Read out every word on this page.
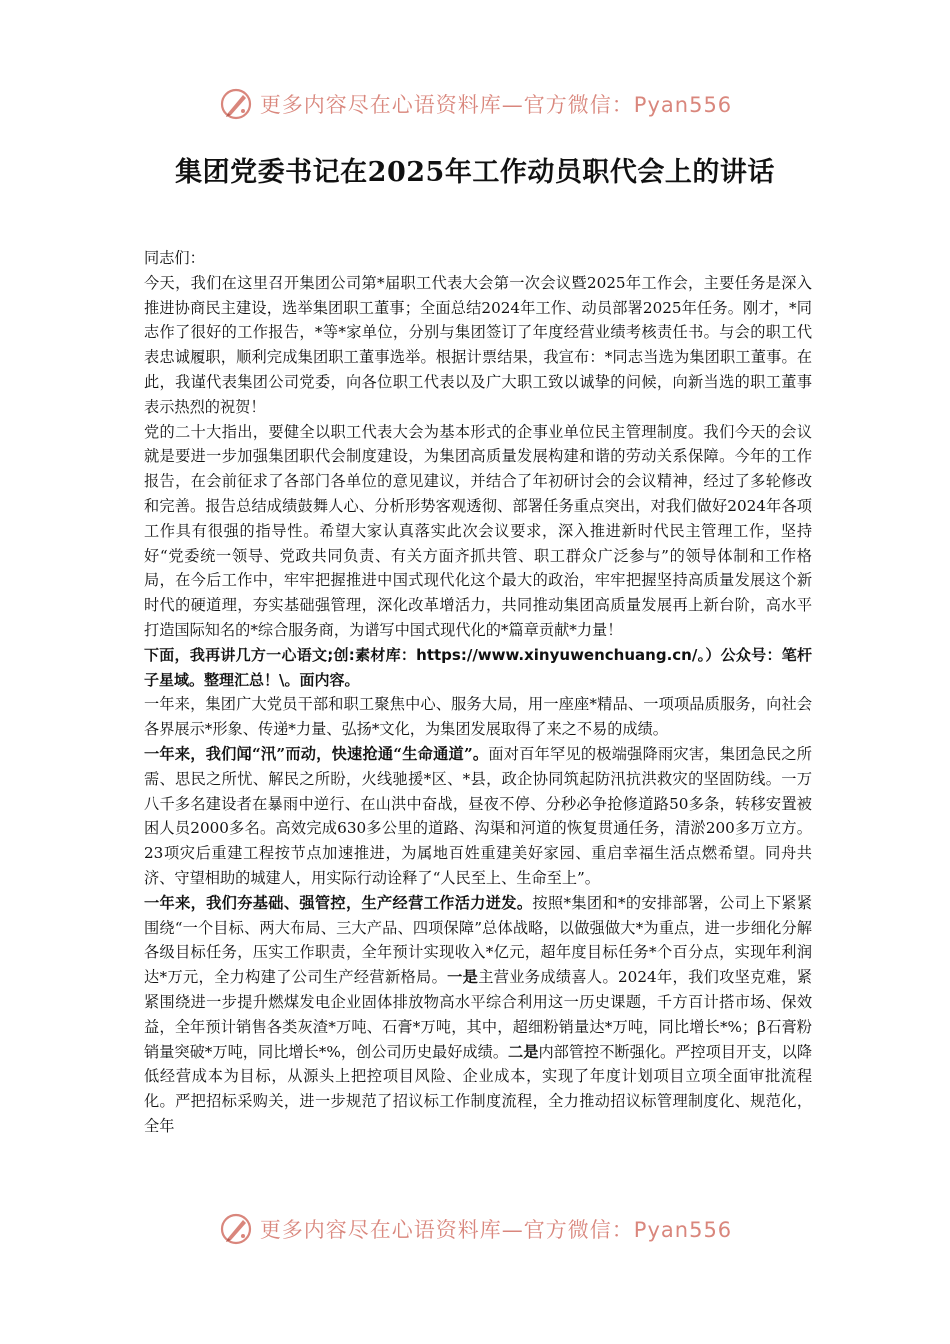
更多内容尽在心语资料库—官方微信：Pyan556
集团党委书记在2025年工作动员职代会上的讲话

同志们：

今天，我们在这里召开集团公司第*届职工代表大会第一次会议暨2025年工作会，主要任务是深入推进协商民主建设，选举集团职工董事；全面总结2024年工作、动员部署2025年任务。刚才，*同志作了很好的工作报告，*等*家单位，分别与集团签订了年度经营业绩考核责任书。与会的职工代表忠诚履职，顺利完成集团职工董事选举。根据计票结果，我宣布：*同志当选为集团职工董事。在此，我谨代表集团公司党委，向各位职工代表以及广大职工致以诚挚的问候，向新当选的职工董事表示热烈的祝贺！

党的二十大指出，要健全以职工代表大会为基本形式的企事业单位民主管理制度。我们今天的会议就是要进一步加强集团职代会制度建设，为集团高质量发展构建和谐的劳动关系保障。今年的工作报告，在会前征求了各部门各单位的意见建议，并结合了年初研讨会的会议精神，经过了多轮修改和完善。报告总结成绩鼓舞人心、分析形势客观透彻、部署任务重点突出，对我们做好2024年各项工作具有很强的指导性。希望大家认真落实此次会议要求，深入推进新时代民主管理工作，坚持好“党委统一领导、党政共同负责、有关方面齐抓共管、职工群众广泛参与”的领导体制和工作格局，在今后工作中，牢牢把握推进中国式现代化这个最大的政治，牢牢把握坚持高质量发展这个新时代的硬道理，夯实基础强管理，深化改革增活力，共同推动集团高质量发展再上新台阶，高水平打造国际知名的*综合服务商，为谱写中国式现代化的*篇章贡献*力量！

下面，我再讲几方一心语文;创:素材库：https://www.xinyuwenchuang.cn/。）公众号：笔杆子星域。整理汇总！\。面内容。

一年来，集团广大党员干部和职工聚焦中心、服务大局，用一座座*精品、一项项品质服务，向社会各界展示*形象、传递*力量、弘扬*文化，为集团发展取得了来之不易的成绩。

一年来，我们闻“汛”而动，快速抢通“生命通道”。面对百年罕见的极端强降雨灾害，集团急民之所需、思民之所忧、解民之所盼，火线驰援*区、*县，政企协同筑起防汛抗洪救灾的坚固防线。一万八千多名建设者在暴雨中逆行、在山洪中奋战，昼夜不停、分秒必争抢修道路50多条，转移安置被困人员2000多名。高效完成630多公里的道路、沟渠和河道的恢复贯通任务，清淤200多万立方。23项灾后重建工程按节点加速推进，为属地百姓重建美好家园、重启幸福生活点燃希望。同舟共济、守望相助的城建人，用实际行动诠释了“人民至上、生命至上”。

一年来，我们夯基础、强管控，生产经营工作活力迸发。按照*集团和*的安排部署，公司上下紧紧围绕“一个目标、两大布局、三大产品、四项保障”总体战略，以做强做大*为重点，进一步细化分解各级目标任务，压实工作职责，全年预计实现收入*亿元，超年度目标任务*个百分点，实现年利润达*万元，全力构建了公司生产经营新格局。一是主营业务成绩喜人。2024年，我们攻坚克难，紧紧围绕进一步提升燃煤发电企业固体排放物高水平综合利用这一历史课题，千方百计搭市场、保效益，全年预计销售各类灰渣*万吨、石膏*万吨，其中，超细粉销量达*万吨，同比增长*%；β石膏粉销量突破*万吨，同比增长*%，创公司历史最好成绩。二是内部管控不断强化。严控项目开支，以降低经营成本为目标，从源头上把控项目风险、企业成本，实现了年度计划项目立项全面审批流程化。严把招标采购关，进一步规范了招议标工作制度流程，全力推动招议标管理制度化、规范化，全年

更多内容尽在心语资料库—官方微信：Pyan556
